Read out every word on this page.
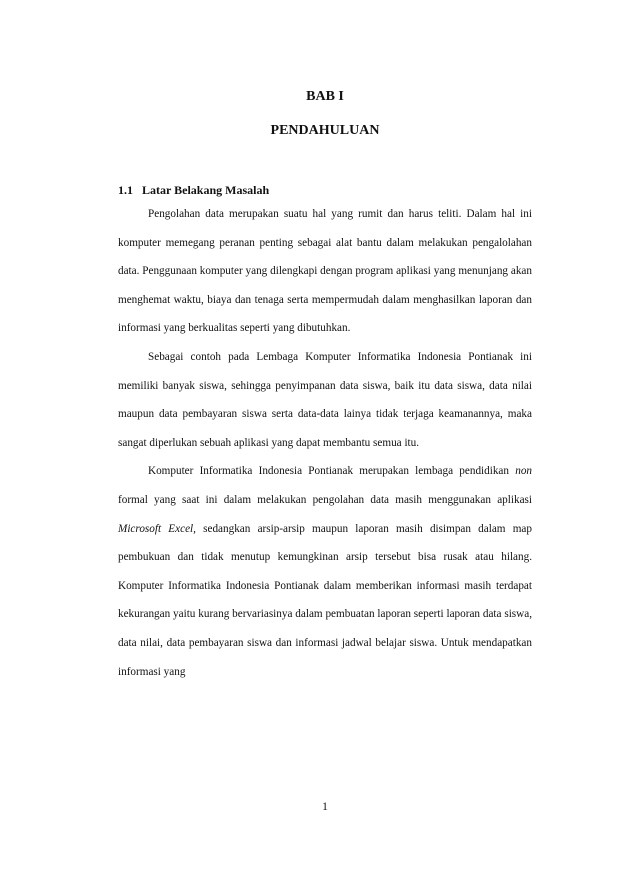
BAB I
PENDAHULUAN
1.1 Latar Belakang Masalah

Pengolahan data merupakan suatu hal yang rumit dan harus teliti. Dalam hal ini komputer memegang peranan penting sebagai alat bantu dalam melakukan pengalolahan data. Penggunaan komputer yang dilengkapi dengan program aplikasi yang menunjang akan menghemat waktu, biaya dan tenaga serta mempermudah dalam menghasilkan laporan dan informasi yang berkualitas seperti yang dibutuhkan.

Sebagai contoh pada Lembaga Komputer Informatika Indonesia Pontianak ini memiliki banyak siswa, sehingga penyimpanan data siswa, baik itu data siswa, data nilai maupun data pembayaran siswa serta data-data lainya tidak terjaga keamanannya, maka sangat diperlukan sebuah aplikasi yang dapat membantu semua itu.

Komputer Informatika Indonesia Pontianak merupakan lembaga pendidikan non formal yang saat ini dalam melakukan pengolahan data masih menggunakan aplikasi Microsoft Excel, sedangkan arsip-arsip maupun laporan masih disimpan dalam map pembukuan dan tidak menutup kemungkinan arsip tersebut bisa rusak atau hilang. Komputer Informatika Indonesia Pontianak dalam memberikan informasi masih terdapat kekurangan yaitu kurang bervariasinya dalam pembuatan laporan seperti laporan data siswa, data nilai, data pembayaran siswa dan informasi jadwal belajar siswa. Untuk mendapatkan informasi yang

1
